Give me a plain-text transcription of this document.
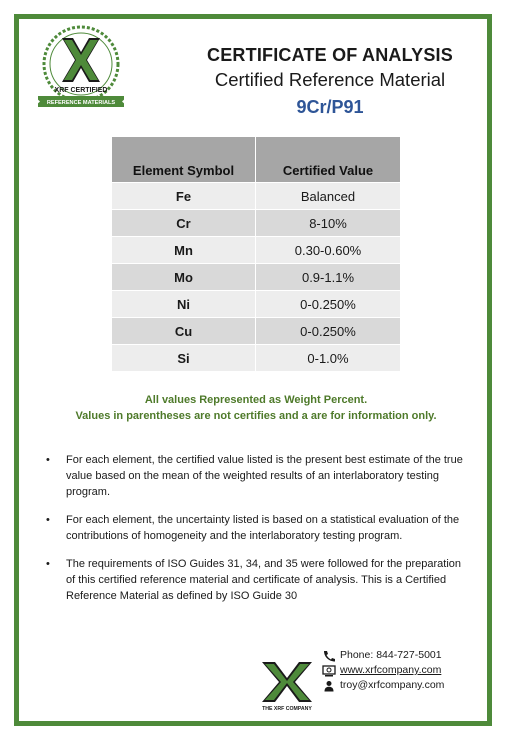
XRF CERTIFIED
REFERENCE MATERIALS
CERTIFICATE OF ANALYSIS
Certified Reference Material
9Cr/P91
Element Symbol	Certified Value
Fe	Balanced
Cr	8-10%
Mn	0.30-0.60%
Mo	0.9-1.1%
Ni	0-0.250%
Cu	0-0.250%
Si	0-1.0%
All values Represented as Weight Percent.
Values in parentheses are not certifies and a are for information only.
• For each element, the certified value listed is the present best estimate of the true value based on the mean of the weighted results of an interlaboratory testing program.
• For each element, the uncertainty listed is based on a statistical evaluation of the contributions of homogeneity and the interlaboratory testing program.
• The requirements of ISO Guides 31, 34, and 35 were followed for the preparation of this certified reference material and certificate of analysis. This is a Certified Reference Material as defined by ISO Guide 30
THE XRF COMPANY
Phone: 844-727-5001
www.xrfcompany.com
troy@xrfcompany.com
